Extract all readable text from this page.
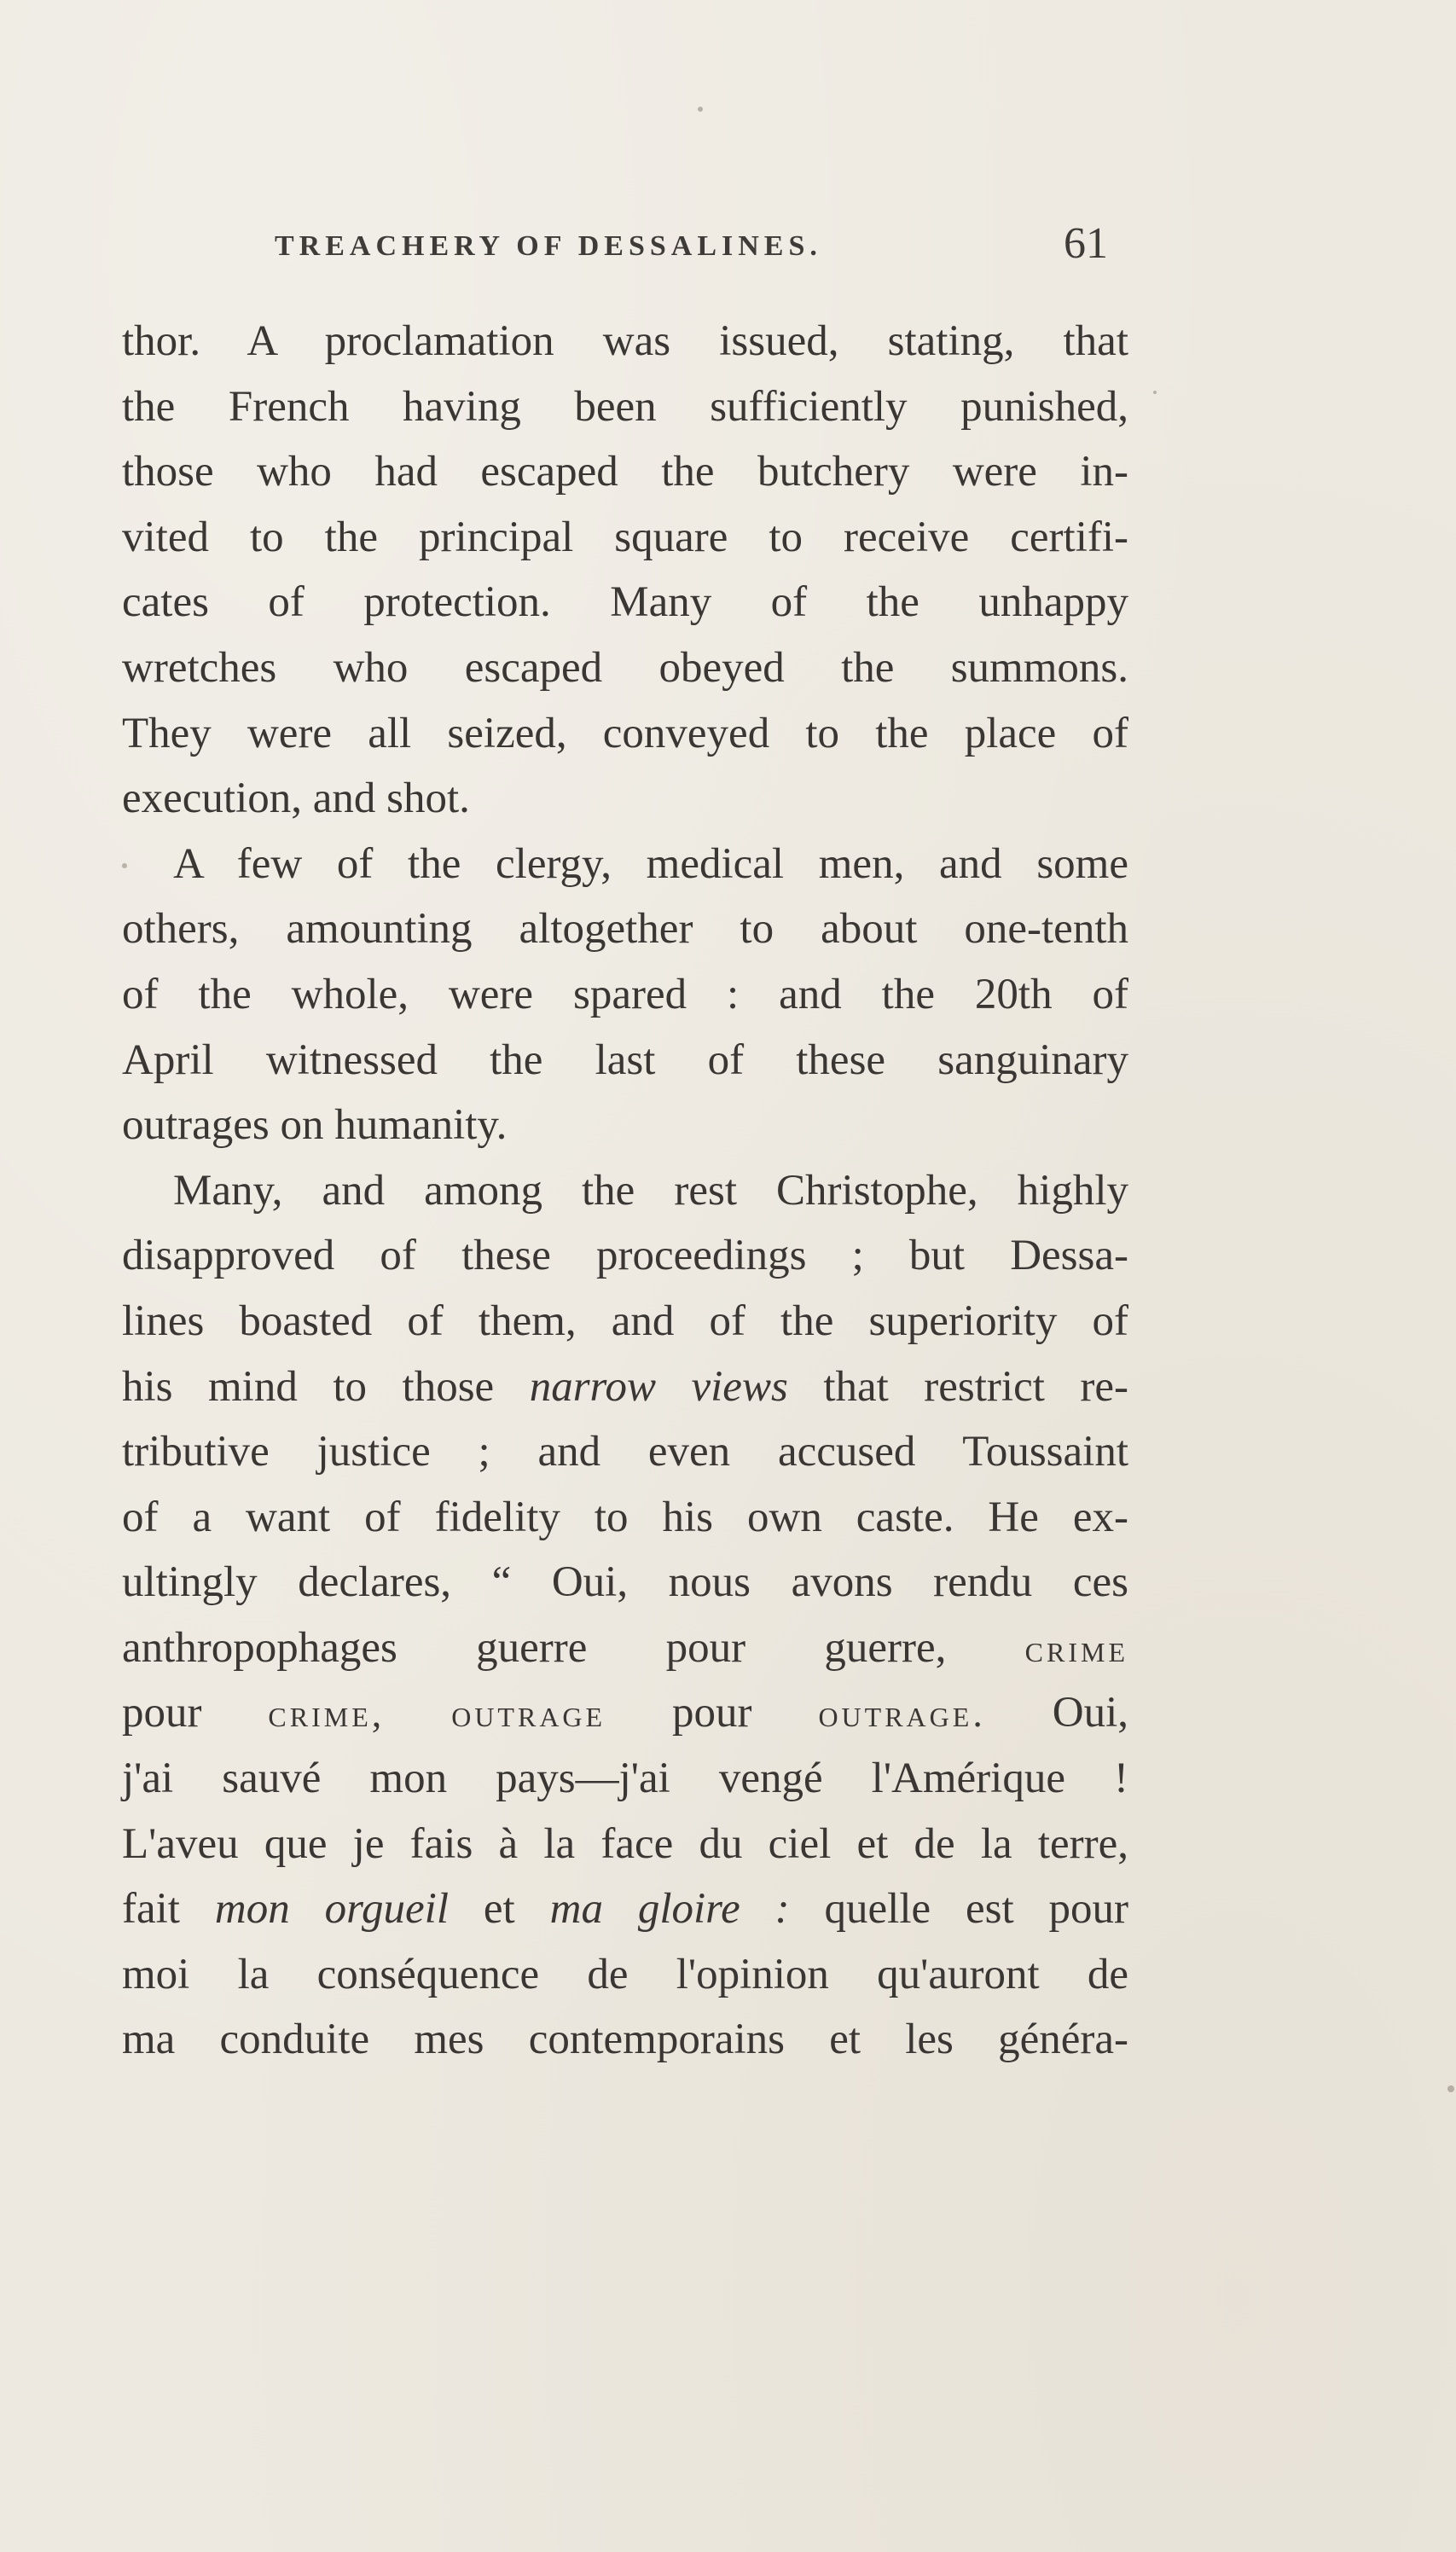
TREACHERY OF DESSALINES.	61
thor. A proclamation was issued, stating, that
the French having been sufficiently punished,
those who had escaped the butchery were in-
vited to the principal square to receive certifi-
cates of protection. Many of the unhappy
wretches who escaped obeyed the summons.
They were all seized, conveyed to the place of
execution, and shot.
A few of the clergy, medical men, and some
others, amounting altogether to about one-tenth
of the whole, were spared : and the 20th of
April witnessed the last of these sanguinary
outrages on humanity.
Many, and among the rest Christophe, highly
disapproved of these proceedings ; but Dessa-
lines boasted of them, and of the superiority of
his mind to those narrow views that restrict re-
tributive justice ; and even accused Toussaint
of a want of fidelity to his own caste. He ex-
ultingly declares, “ Oui, nous avons rendu ces
anthropophages guerre pour guerre, crime
pour crime, outrage pour outrage. Oui,
j'ai sauvé mon pays—j'ai vengé l'Amérique !
L'aveu que je fais à la face du ciel et de la terre,
fait mon orgueil et ma gloire : quelle est pour
moi la conséquence de l'opinion qu'auront de
ma conduite mes contemporains et les généra-
